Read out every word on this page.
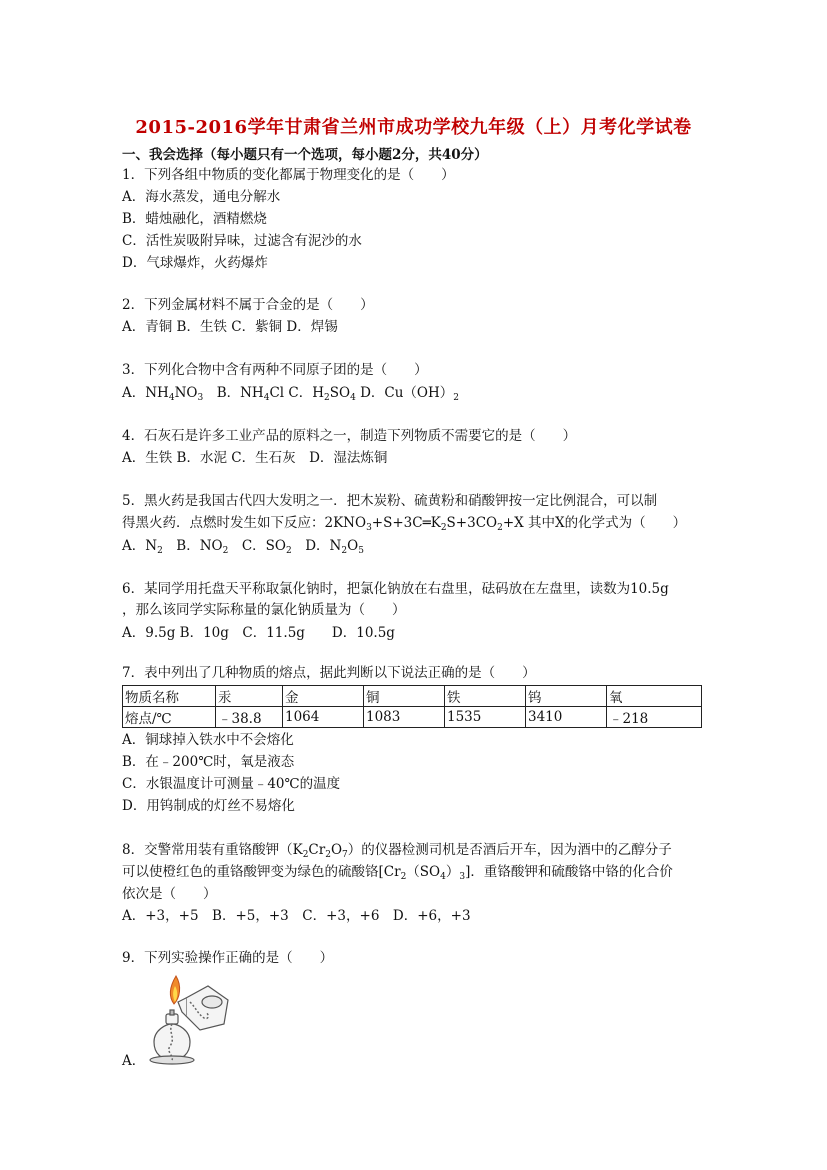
2015-2016学年甘肃省兰州市成功学校九年级（上）月考化学试卷
一、我会选择（每小题只有一个选项，每小题2分，共40分）
1．下列各组中物质的变化都属于物理变化的是（　　）
A．海水蒸发，通电分解水
B．蜡烛融化，酒精燃烧
C．活性炭吸附异味，过滤含有泥沙的水
D．气球爆炸，火药爆炸
2．下列金属材料不属于合金的是（　　）
A．青铜 B．生铁 C．紫铜 D．焊锡
3．下列化合物中含有两种不同原子团的是（　　）
A．$NH_4NO_3$　B．$NH_4Cl$ C．$H_2SO_4$ D．$Cu(OH)_2$
4．石灰石是许多工业产品的原料之一，制造下列物质不需要它的是（　　）
A．生铁 B．水泥 C．生石灰　D．湿法炼铜
5．黑火药是我国古代四大发明之一．把木炭粉、硫黄粉和硝酸钾按一定比例混合，可以制
得黑火药．点燃时发生如下反应：$2KNO_3+S+3C═K_2S+3CO_2+X$ 其中X的化学式为（　　）
A．$N_2$　B．$NO_2$　C．$SO_2$　D．$N_2O_5$
6．某同学用托盘天平称取氯化钠时，把氯化钠放在右盘里，砝码放在左盘里，读数为10.5g
，那么该同学实际称量的氯化钠质量为（　　）
A．9.5g B．10g　C．11.5g　　D．10.5g
7．表中列出了几种物质的熔点，据此判断以下说法正确的是（　　）
物质名称	汞	金	铜	铁	钨	氧
熔点/℃	﹣38.8	1064	1083	1535	3410	﹣218
A．铜球掉入铁水中不会熔化
B．在﹣200℃时，氧是液态
C．水银温度计可测量﹣40℃的温度
D．用钨制成的灯丝不易熔化
8．交警常用装有重铬酸钾$(K_2Cr_2O_7)$的仪器检测司机是否酒后开车，因为酒中的乙醇分子
可以使橙红色的重铬酸钾变为绿色的硫酸铬$[Cr_2(SO_4)_3]$．重铬酸钾和硫酸铬中铬的化合价
依次是（　　）
A．+3，+5　B．+5，+3　C．+3，+6　D．+6，+3
9．下列实验操作正确的是（　　）
A．
